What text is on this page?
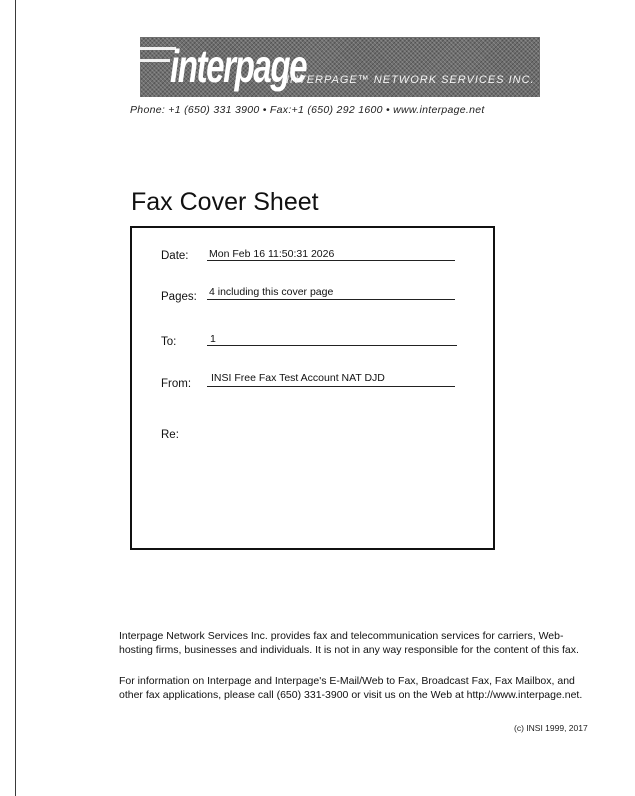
interpage
INTERPAGE™ NETWORK SERVICES INC.
Phone: +1 (650) 331 3900 • Fax:+1 (650) 292 1600 • www.interpage.net
Fax Cover Sheet
Date: Mon Feb 16 11:50:31 2026
Pages: 4 including this cover page
To:	1
From: INSI Free Fax Test Account NAT DJD
Re:
Interpage Network Services Inc. provides fax and telecommunication services for carriers, Web-hosting firms, businesses and individuals. It is not in any way responsible for the content of this fax.
For information on Interpage and Interpage's E-Mail/Web to Fax, Broadcast Fax, Fax Mailbox, and other fax applications, please call (650) 331-3900 or visit us on the Web at http://www.interpage.net.
(c) INSI 1999, 2017
